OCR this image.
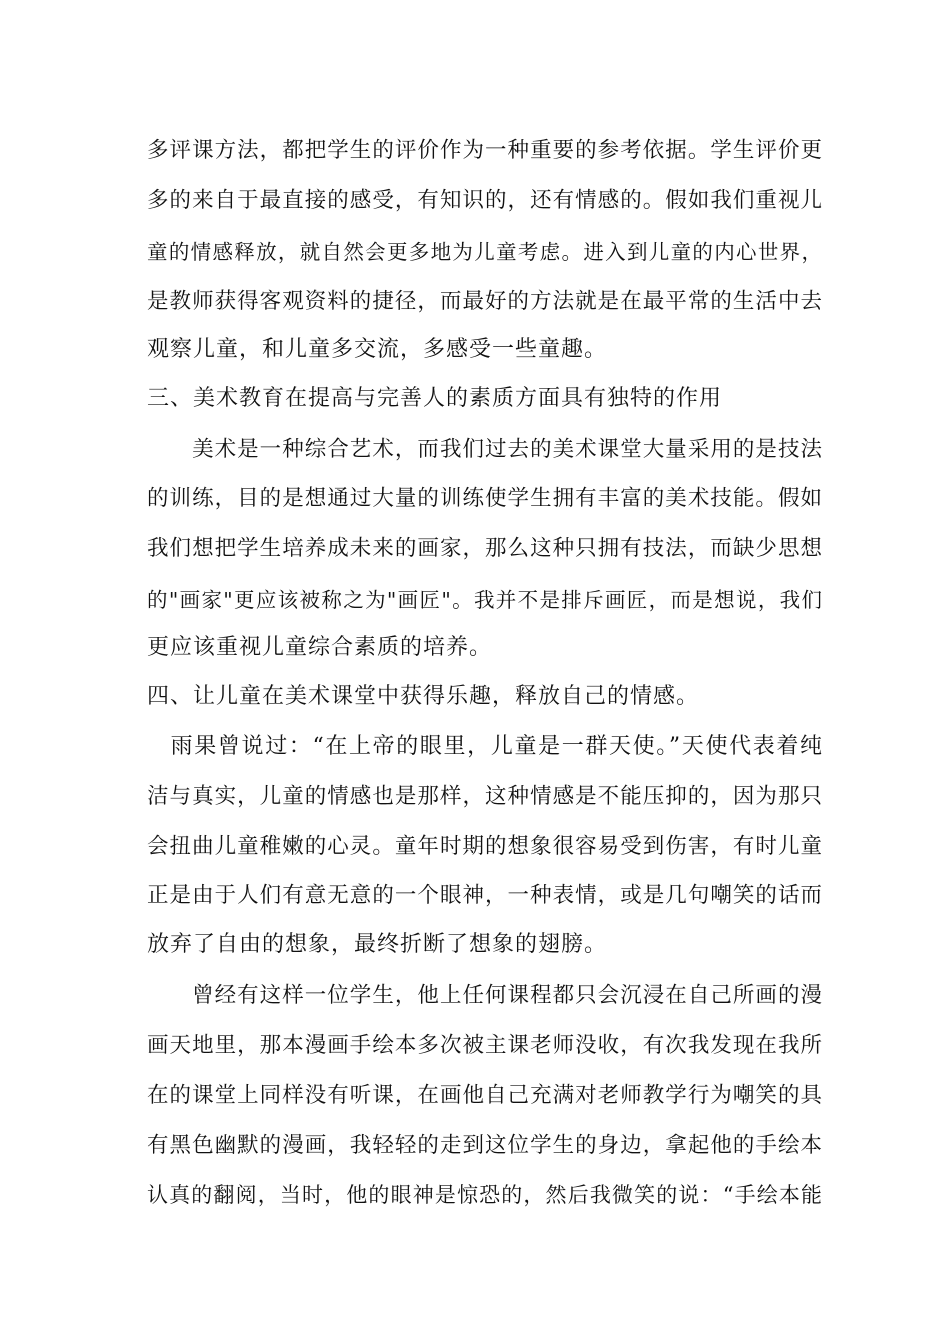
多评课方法，都把学生的评价作为一种重要的参考依据。学生评价更
多的来自于最直接的感受，有知识的，还有情感的。假如我们重视儿
童的情感释放，就自然会更多地为儿童考虑。进入到儿童的内心世界，
是教师获得客观资料的捷径，而最好的方法就是在最平常的生活中去
观察儿童，和儿童多交流，多感受一些童趣。
三、美术教育在提高与完善人的素质方面具有独特的作用
　　美术是一种综合艺术，而我们过去的美术课堂大量采用的是技法
的训练，目的是想通过大量的训练使学生拥有丰富的美术技能。假如
我们想把学生培养成未来的画家，那么这种只拥有技法，而缺少思想
的"画家"更应该被称之为"画匠"。我并不是排斥画匠，而是想说，我们
更应该重视儿童综合素质的培养。
四、让儿童在美术课堂中获得乐趣，释放自己的情感。
　雨果曾说过：“在上帝的眼里，儿童是一群天使。”天使代表着纯
洁与真实，儿童的情感也是那样，这种情感是不能压抑的，因为那只
会扭曲儿童稚嫩的心灵。童年时期的想象很容易受到伤害，有时儿童
正是由于人们有意无意的一个眼神，一种表情，或是几句嘲笑的话而
放弃了自由的想象，最终折断了想象的翅膀。
　　曾经有这样一位学生，他上任何课程都只会沉浸在自己所画的漫
画天地里，那本漫画手绘本多次被主课老师没收，有次我发现在我所
在的课堂上同样没有听课，在画他自己充满对老师教学行为嘲笑的具
有黑色幽默的漫画，我轻轻的走到这位学生的身边，拿起他的手绘本
认真的翻阅，当时，他的眼神是惊恐的，然后我微笑的说：“手绘本能
